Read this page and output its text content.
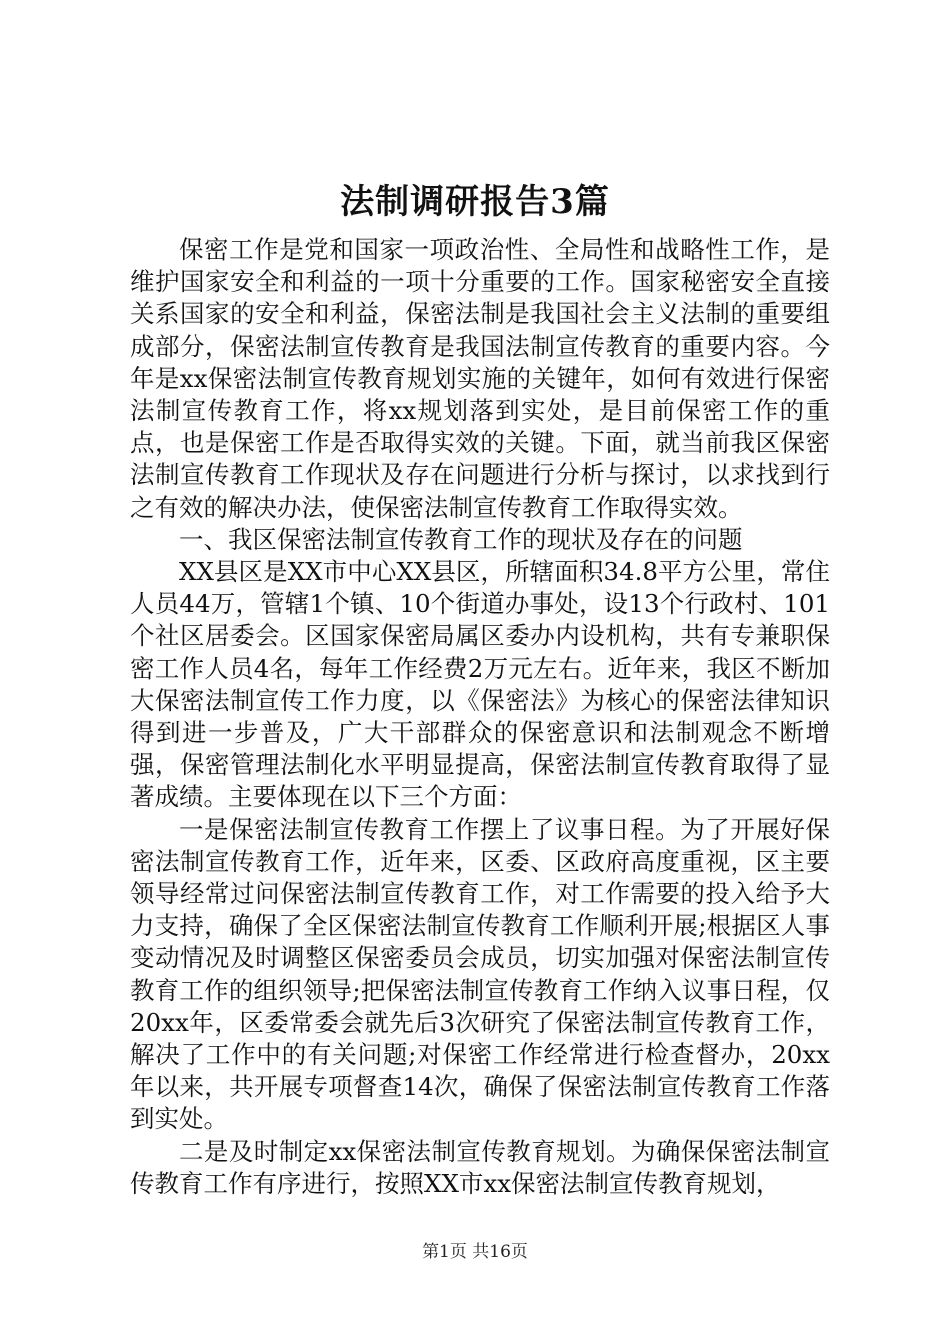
法制调研报告3篇

保密工作是党和国家一项政治性、全局性和战略性工作，是维护国家安全和利益的一项十分重要的工作。国家秘密安全直接关系国家的安全和利益，保密法制是我国社会主义法制的重要组成部分，保密法制宣传教育是我国法制宣传教育的重要内容。今年是xx保密法制宣传教育规划实施的关键年，如何有效进行保密法制宣传教育工作，将xx规划落到实处，是目前保密工作的重点，也是保密工作是否取得实效的关键。下面，就当前我区保密法制宣传教育工作现状及存在问题进行分析与探讨，以求找到行之有效的解决办法，使保密法制宣传教育工作取得实效。

一、我区保密法制宣传教育工作的现状及存在的问题

XX县区是XX市中心XX县区，所辖面积34.8平方公里，常住人员44万，管辖1个镇、10个街道办事处，设13个行政村、101个社区居委会。区国家保密局属区委办内设机构，共有专兼职保密工作人员4名，每年工作经费2万元左右。近年来，我区不断加大保密法制宣传工作力度，以《保密法》为核心的保密法律知识得到进一步普及，广大干部群众的保密意识和法制观念不断增强，保密管理法制化水平明显提高，保密法制宣传教育取得了显著成绩。主要体现在以下三个方面：

一是保密法制宣传教育工作摆上了议事日程。为了开展好保密法制宣传教育工作，近年来，区委、区政府高度重视，区主要领导经常过问保密法制宣传教育工作，对工作需要的投入给予大力支持，确保了全区保密法制宣传教育工作顺利开展;根据区人事变动情况及时调整区保密委员会成员，切实加强对保密法制宣传教育工作的组织领导;把保密法制宣传教育工作纳入议事日程，仅20xx年，区委常委会就先后3次研究了保密法制宣传教育工作，解决了工作中的有关问题;对保密工作经常进行检查督办，20xx年以来，共开展专项督查14次，确保了保密法制宣传教育工作落到实处。

二是及时制定xx保密法制宣传教育规划。为确保保密法制宣传教育工作有序进行，按照XX市xx保密法制宣传教育规划，

第1页 共16页
